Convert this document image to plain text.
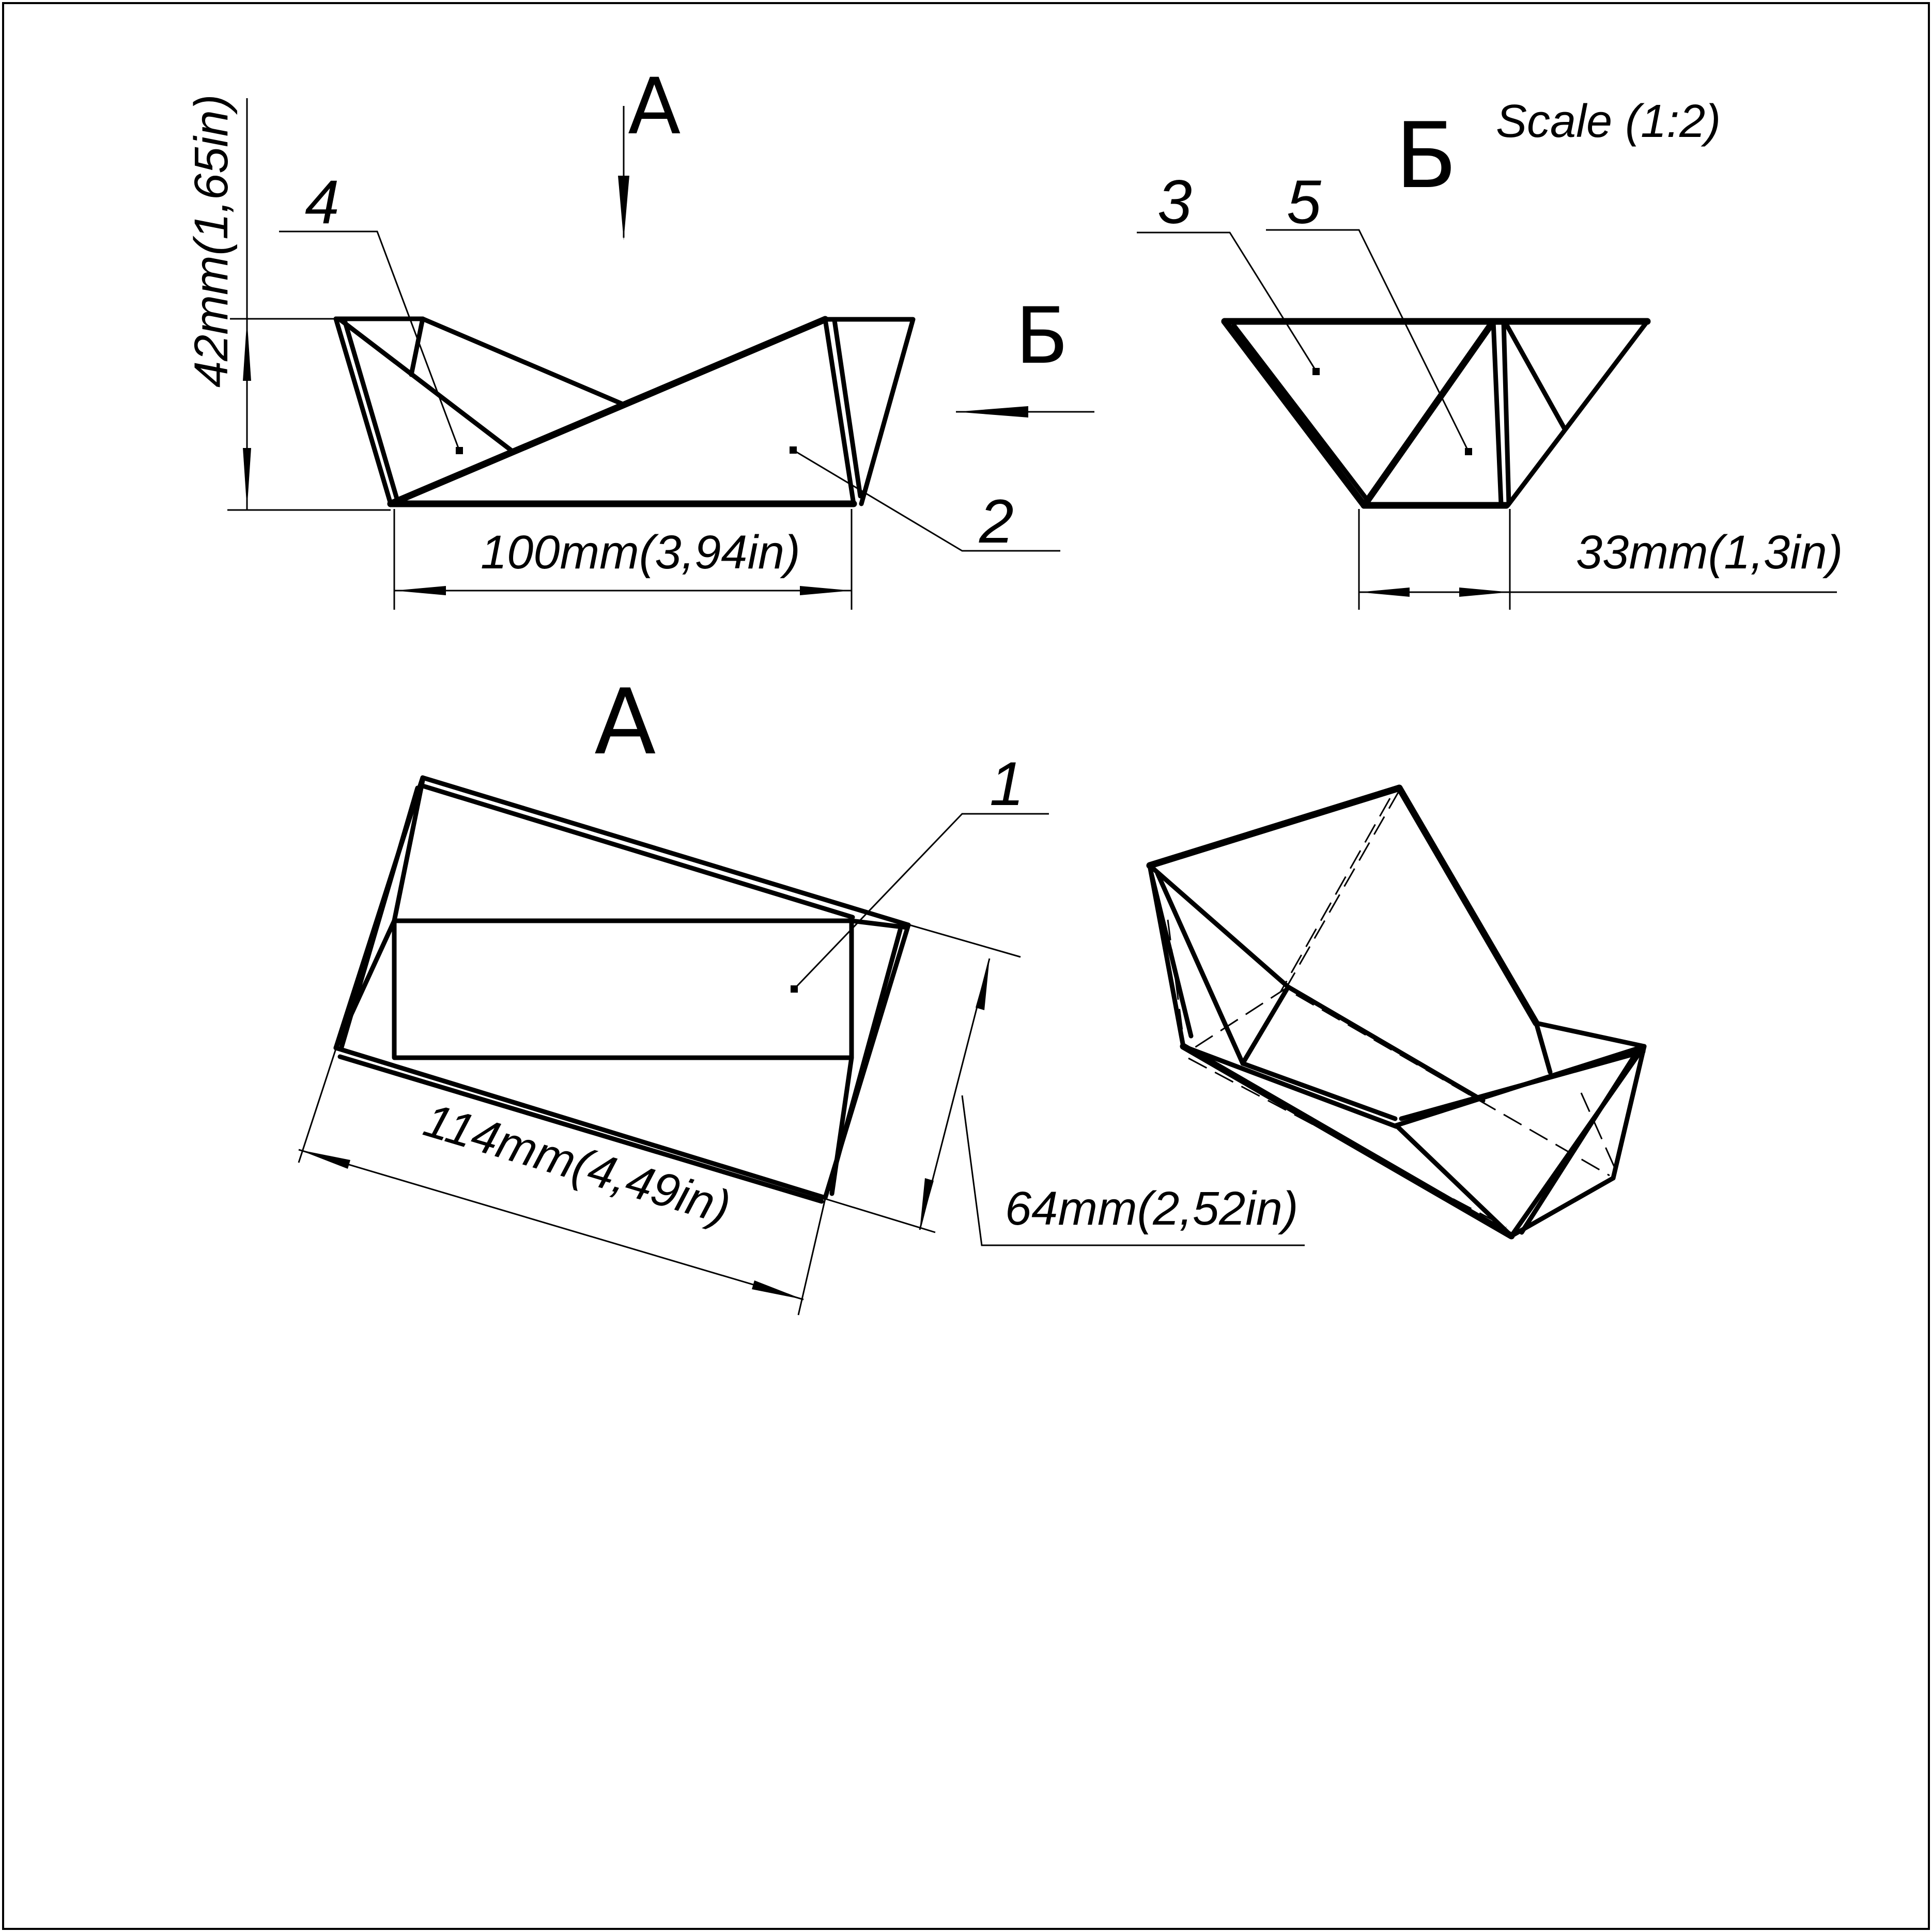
А
Б
42mm(1,65in)
100mm(3,94in)
Б Scale (1:2)
33mm(1,3in)
4
2
3 5
А
1
114mm(4,49in)	64mm(2,52in)
